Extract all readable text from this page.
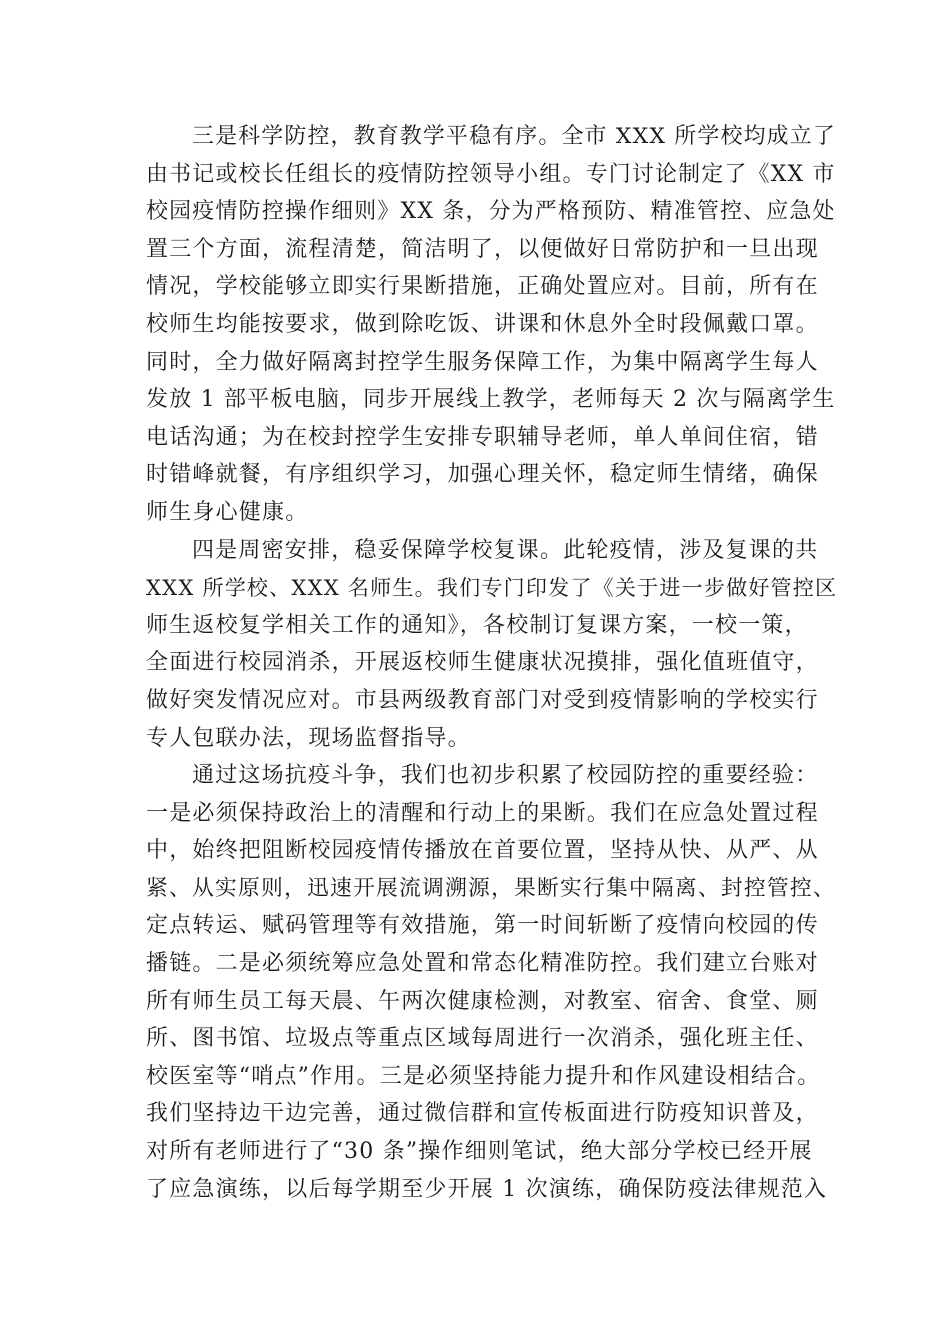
三是科学防控，教育教学平稳有序。全市 XXX 所学校均成立了
由书记或校长任组长的疫情防控领导小组。专门讨论制定了《XX 市
校园疫情防控操作细则》XX 条，分为严格预防、精准管控、应急处
置三个方面，流程清楚，简洁明了，以便做好日常防护和一旦出现
情况，学校能够立即实行果断措施，正确处置应对。目前，所有在
校师生均能按要求，做到除吃饭、讲课和休息外全时段佩戴口罩。
同时，全力做好隔离封控学生服务保障工作，为集中隔离学生每人
发放 1 部平板电脑，同步开展线上教学，老师每天 2 次与隔离学生
电话沟通；为在校封控学生安排专职辅导老师，单人单间住宿，错
时错峰就餐，有序组织学习，加强心理关怀，稳定师生情绪，确保
师生身心健康。
四是周密安排，稳妥保障学校复课。此轮疫情，涉及复课的共
XXX 所学校、XXX 名师生。我们专门印发了《关于进一步做好管控区
师生返校复学相关工作的通知》，各校制订复课方案，一校一策，
全面进行校园消杀，开展返校师生健康状况摸排，强化值班值守，
做好突发情况应对。市县两级教育部门对受到疫情影响的学校实行
专人包联办法，现场监督指导。
通过这场抗疫斗争，我们也初步积累了校园防控的重要经验：
一是必须保持政治上的清醒和行动上的果断。我们在应急处置过程
中，始终把阻断校园疫情传播放在首要位置，坚持从快、从严、从
紧、从实原则，迅速开展流调溯源，果断实行集中隔离、封控管控、
定点转运、赋码管理等有效措施，第一时间斩断了疫情向校园的传
播链。二是必须统筹应急处置和常态化精准防控。我们建立台账对
所有师生员工每天晨、午两次健康检测，对教室、宿舍、食堂、厕
所、图书馆、垃圾点等重点区域每周进行一次消杀，强化班主任、
校医室等“哨点”作用。三是必须坚持能力提升和作风建设相结合。
我们坚持边干边完善，通过微信群和宣传板面进行防疫知识普及，
对所有老师进行了“30 条”操作细则笔试，绝大部分学校已经开展
了应急演练，以后每学期至少开展 1 次演练，确保防疫法律规范入
